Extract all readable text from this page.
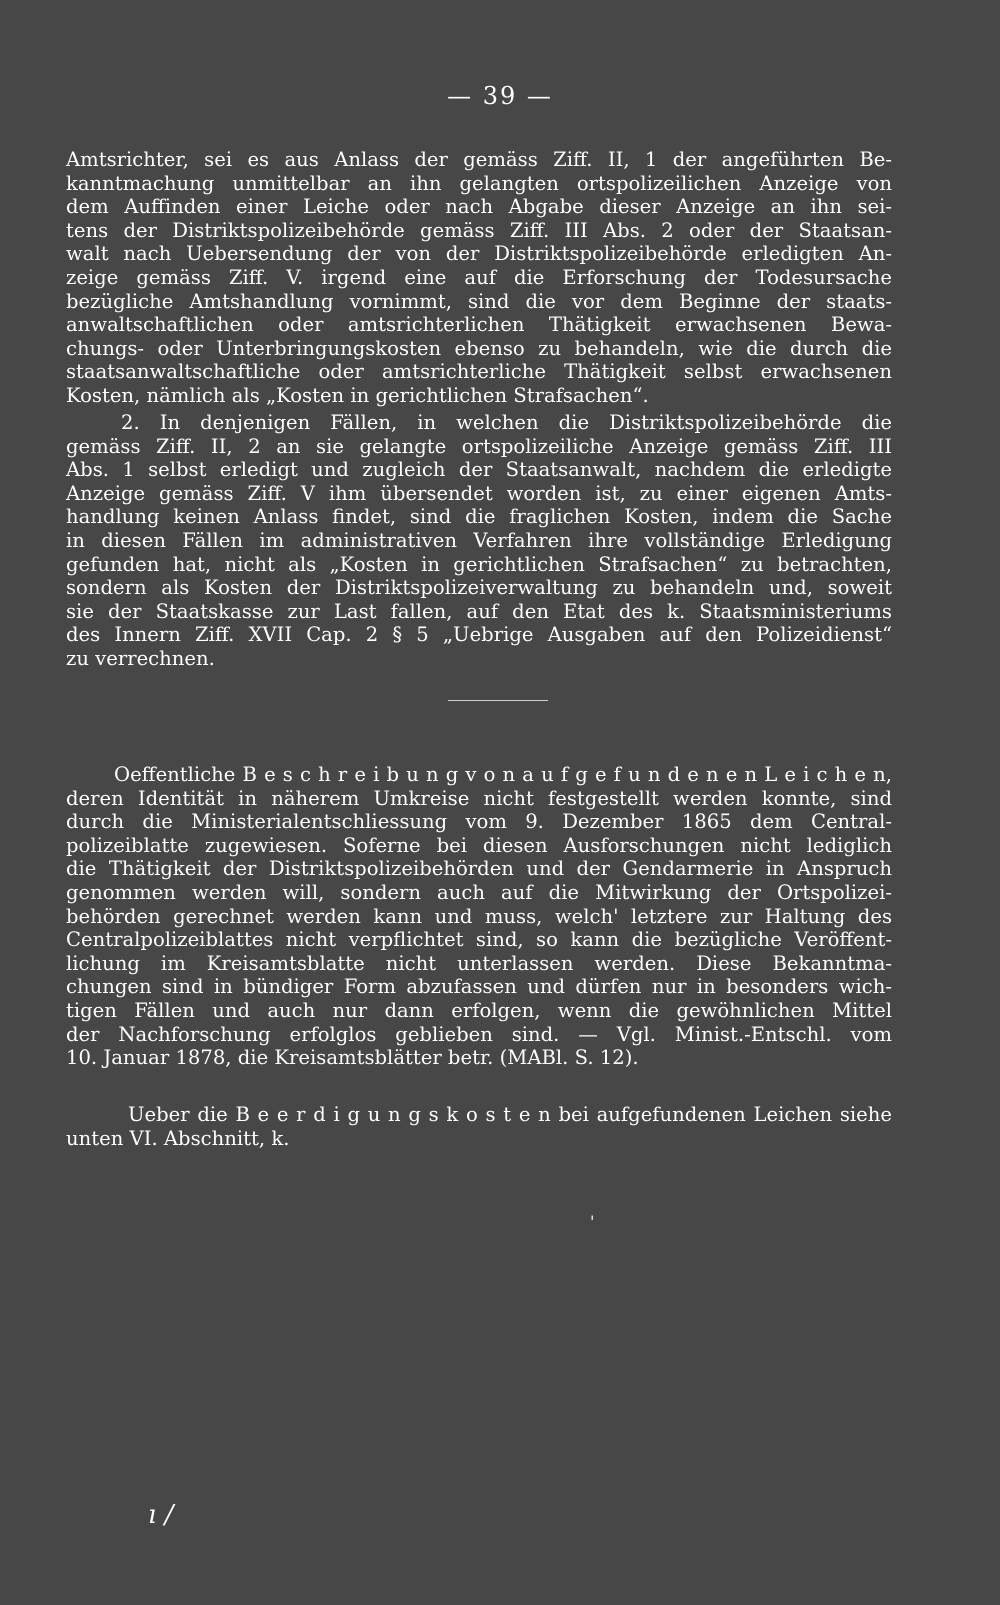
— 39 —
Amtsrichter, sei es aus Anlass der gemäss Ziff. II, 1 der angeführten Be-
kanntmachung unmittelbar an ihn gelangten ortspolizeilichen Anzeige von
dem Auffinden einer Leiche oder nach Abgabe dieser Anzeige an ihn sei-
tens der Distriktspolizeibehörde gemäss Ziff. III Abs. 2 oder der Staatsan-
walt nach Uebersendung der von der Distriktspolizeibehörde erledigten An-
zeige gemäss Ziff. V. irgend eine auf die Erforschung der Todesursache
bezügliche Amtshandlung vornimmt, sind die vor dem Beginne der staats-
anwaltschaftlichen oder amtsrichterlichen Thätigkeit erwachsenen Bewa-
chungs- oder Unterbringungskosten ebenso zu behandeln, wie die durch die
staatsanwaltschaftliche oder amtsrichterliche Thätigkeit selbst erwachsenen
Kosten, nämlich als „Kosten in gerichtlichen Strafsachen“.
2. In denjenigen Fällen, in welchen die Distriktspolizeibehörde die
gemäss Ziff. II, 2 an sie gelangte ortspolizeiliche Anzeige gemäss Ziff. III
Abs. 1 selbst erledigt und zugleich der Staatsanwalt, nachdem die erledigte
Anzeige gemäss Ziff. V ihm übersendet worden ist, zu einer eigenen Amts-
handlung keinen Anlass findet, sind die fraglichen Kosten, indem die Sache
in diesen Fällen im administrativen Verfahren ihre vollständige Erledigung
gefunden hat, nicht als „Kosten in gerichtlichen Strafsachen“ zu betrachten,
sondern als Kosten der Distriktspolizeiverwaltung zu behandeln und, soweit
sie der Staatskasse zur Last fallen, auf den Etat des k. Staatsministeriums
des Innern Ziff. XVII Cap. 2 § 5 „Uebrige Ausgaben auf den Polizeidienst“
zu verrechnen.
Oeffentliche B e s c h r e i b u n g v o n a u f g e f u n d e n e n L e i c h e n,
deren Identität in näherem Umkreise nicht festgestellt werden konnte, sind
durch die Ministerialentschliessung vom 9. Dezember 1865 dem Central-
polizeiblatte zugewiesen. Soferne bei diesen Ausforschungen nicht lediglich
die Thätigkeit der Distriktspolizeibehörden und der Gendarmerie in Anspruch
genommen werden will, sondern auch auf die Mitwirkung der Ortspolizei-
behörden gerechnet werden kann und muss, welch' letztere zur Haltung des
Centralpolizeiblattes nicht verpflichtet sind, so kann die bezügliche Veröffent-
lichung im Kreisamtsblatte nicht unterlassen werden. Diese Bekanntma-
chungen sind in bündiger Form abzufassen und dürfen nur in besonders wich-
tigen Fällen und auch nur dann erfolgen, wenn die gewöhnlichen Mittel
der Nachforschung erfolglos geblieben sind. — Vgl. Minist.-Entschl. vom
10. Januar 1878, die Kreisamtsblätter betr. (MABl. S. 12).
Ueber die B e e r d i g u n g s k o s t e n bei aufgefundenen Leichen siehe
unten VI. Abschnitt, k.
'
ı /
